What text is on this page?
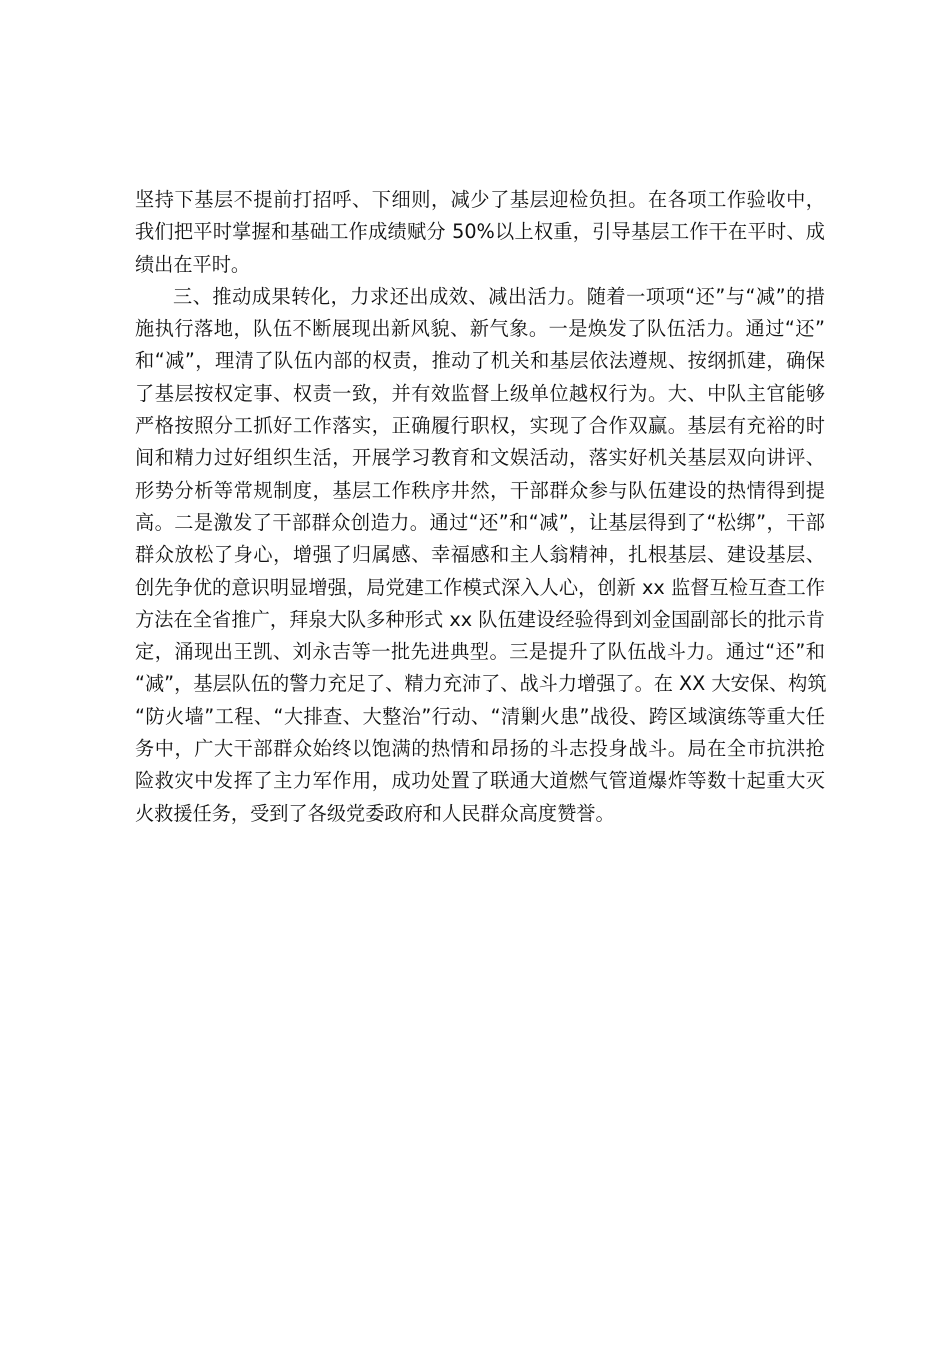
坚持下基层不提前打招呼、下细则，减少了基层迎检负担。在各项工作验收中，
我们把平时掌握和基础工作成绩赋分 50%以上权重，引导基层工作干在平时、成
绩出在平时。
三、推动成果转化，力求还出成效、减出活力。随着一项项“还”与“减”的措
施执行落地，队伍不断展现出新风貌、新气象。一是焕发了队伍活力。通过“还”
和“减”，理清了队伍内部的权责，推动了机关和基层依法遵规、按纲抓建，确保
了基层按权定事、权责一致，并有效监督上级单位越权行为。大、中队主官能够
严格按照分工抓好工作落实，正确履行职权，实现了合作双赢。基层有充裕的时
间和精力过好组织生活，开展学习教育和文娱活动，落实好机关基层双向讲评、
形势分析等常规制度，基层工作秩序井然，干部群众参与队伍建设的热情得到提
高。二是激发了干部群众创造力。通过“还”和“减”，让基层得到了“松绑”，干部
群众放松了身心，增强了归属感、幸福感和主人翁精神，扎根基层、建设基层、
创先争优的意识明显增强，局党建工作模式深入人心，创新 xx 监督互检互查工作
方法在全省推广，拜泉大队多种形式 xx 队伍建设经验得到刘金国副部长的批示肯
定，涌现出王凯、刘永吉等一批先进典型。三是提升了队伍战斗力。通过“还”和
“减”，基层队伍的警力充足了、精力充沛了、战斗力增强了。在 XX 大安保、构筑
“防火墙”工程、“大排查、大整治”行动、“清剿火患”战役、跨区域演练等重大任
务中，广大干部群众始终以饱满的热情和昂扬的斗志投身战斗。局在全市抗洪抢
险救灾中发挥了主力军作用，成功处置了联通大道燃气管道爆炸等数十起重大灭
火救援任务，受到了各级党委政府和人民群众高度赞誉。
